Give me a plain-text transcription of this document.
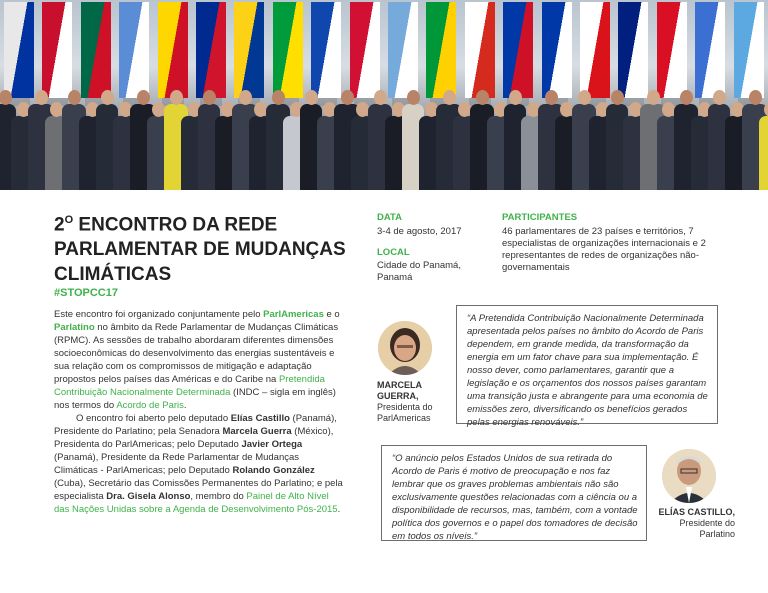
$2^O$ ENCONTRO DA REDE PARLAMENTAR DE MUDANÇAS CLIMÁTICAS
#STOPCC17

Este encontro foi organizado conjuntamente pelo ParlAmericas e o Parlatino no âmbito da Rede Parlamentar de Mudanças Climáticas (RPMC). As sessões de trabalho abordaram diferentes dimensões socioeconômicas do desenvolvimento das energias sustentáveis e sua relação com os compromissos de mitigação e adaptação propostos pelos países das Américas e do Caribe na Pretendida Contribuição Nacionalmente Determinada (INDC – sigla em inglês) nos termos do Acordo de Paris.

O encontro foi aberto pelo deputado Elías Castillo (Panamá), Presidente do Parlatino; pela Senadora Marcela Guerra (México), Presidenta do ParlAmericas; pelo Deputado Javier Ortega (Panamá), Presidente da Rede Parlamentar de Mudanças Climáticas - ParlAmericas; pelo Deputado Rolando González (Cuba), Secretário das Comissões Permanentes do Parlatino; e pela especialista Dra. Gisela Alonso, membro do Painel de Alto Nível das Nações Unidas sobre a Agenda de Desenvolvimento Pós-2015.

DATA
3-4 de agosto, 2017
LOCAL
Cidade do Panamá, Panamá
PARTICIPANTES
46 parlamentares de 23 países e territórios, 7 especialistas de organizações internacionais e 2 representantes de redes de organizações não-governamentais
MARCELA GUERRA,
Presidenta do ParlAmericas
“A Pretendida Contribuição Nacionalmente Determinada apresentada pelos países no âmbito do Acordo de Paris dependem, em grande medida, da transformação da energia em um fator chave para sua implementação. É nosso dever, como parlamentares, garantir que a legislação e os orçamentos dos nossos países garantam uma transição justa e abrangente para uma economia de emissões zero, diversificando os benefícios gerados pelas energias renováveis.”
“O anúncio pelos Estados Unidos de sua retirada do Acordo de Paris é motivo de preocupação e nos faz lembrar que os graves problemas ambientais não são exclusivamente questões relacionadas com a ciência ou a disponibilidade de recursos, mas, também, com a vontade política dos governos e o papel dos tomadores de decisão em todos os níveis.”
ELÍAS CASTILLO,
Presidente do Parlatino
